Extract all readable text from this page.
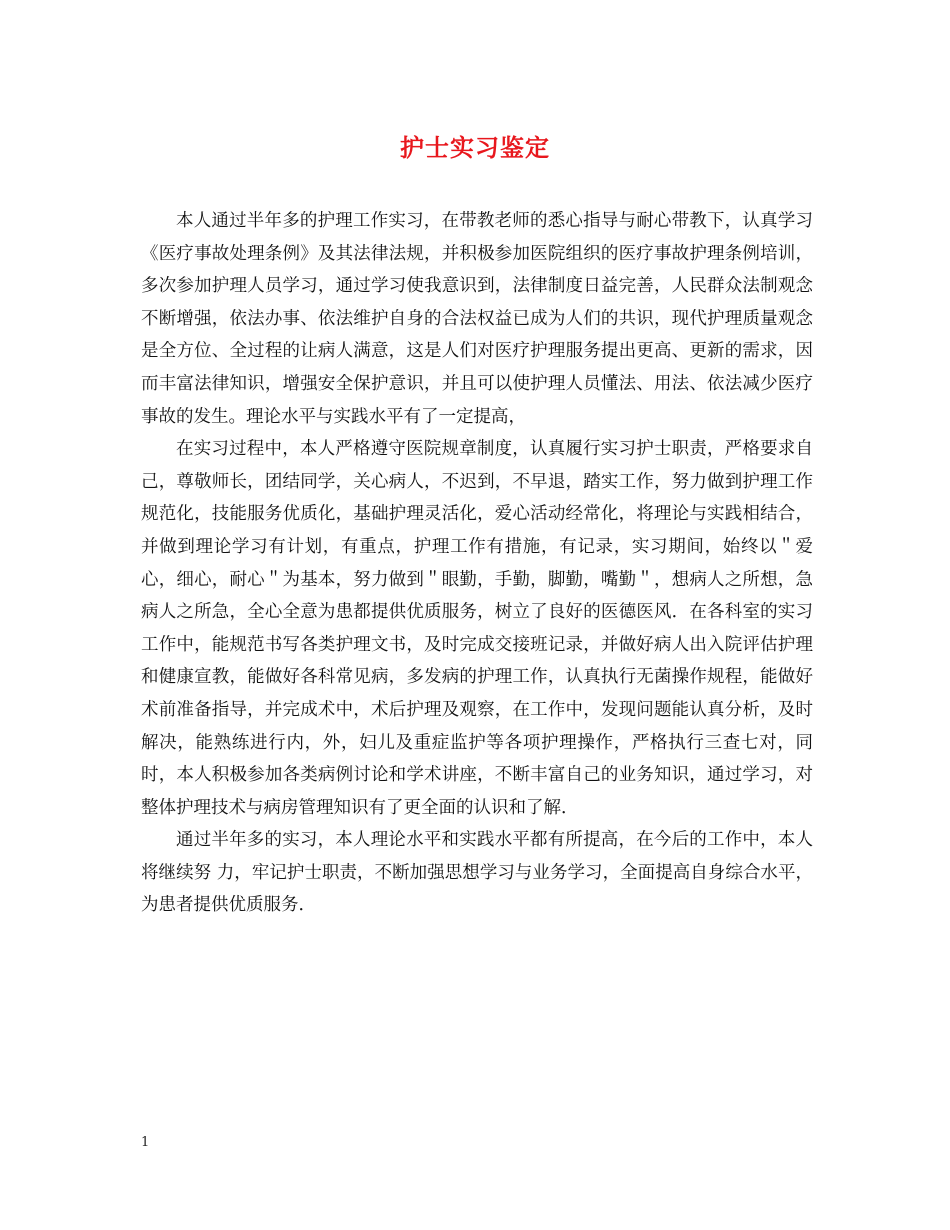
护士实习鉴定

本人通过半年多的护理工作实习，在带教老师的悉心指导与耐心带教下，认真学习《医疗事故处理条例》及其法律法规，并积极参加医院组织的医疗事故护理条例培训，多次参加护理人员学习，通过学习使我意识到，法律制度日益完善，人民群众法制观念不断增强，依法办事、依法维护自身的合法权益已成为人们的共识，现代护理质量观念是全方位、全过程的让病人满意，这是人们对医疗护理服务提出更高、更新的需求，因而丰富法律知识，增强安全保护意识，并且可以使护理人员懂法、用法、依法减少医疗事故的发生。理论水平与实践水平有了一定提高，

在实习过程中，本人严格遵守医院规章制度，认真履行实习护士职责，严格要求自己，尊敬师长，团结同学，关心病人，不迟到，不早退，踏实工作，努力做到护理工作规范化，技能服务优质化，基础护理灵活化，爱心活动经常化，将理论与实践相结合，并做到理论学习有计划，有重点，护理工作有措施，有记录，实习期间，始终以＂爱心，细心，耐心＂为基本，努力做到＂眼勤，手勤，脚勤，嘴勤＂，想病人之所想，急病人之所急，全心全意为患都提供优质服务，树立了良好的医德医风．在各科室的实习工作中，能规范书写各类护理文书，及时完成交接班记录，并做好病人出入院评估护理和健康宣教，能做好各科常见病，多发病的护理工作，认真执行无菌操作规程，能做好术前准备指导，并完成术中，术后护理及观察，在工作中，发现问题能认真分析，及时解决，能熟练进行内，外，妇儿及重症监护等各项护理操作，严格执行三查七对，同时，本人积极参加各类病例讨论和学术讲座，不断丰富自己的业务知识，通过学习，对整体护理技术与病房管理知识有了更全面的认识和了解．

通过半年多的实习，本人理论水平和实践水平都有所提高，在今后的工作中，本人将继续努 力，牢记护士职责，不断加强思想学习与业务学习，全面提高自身综合水平，为患者提供优质服务．

1
